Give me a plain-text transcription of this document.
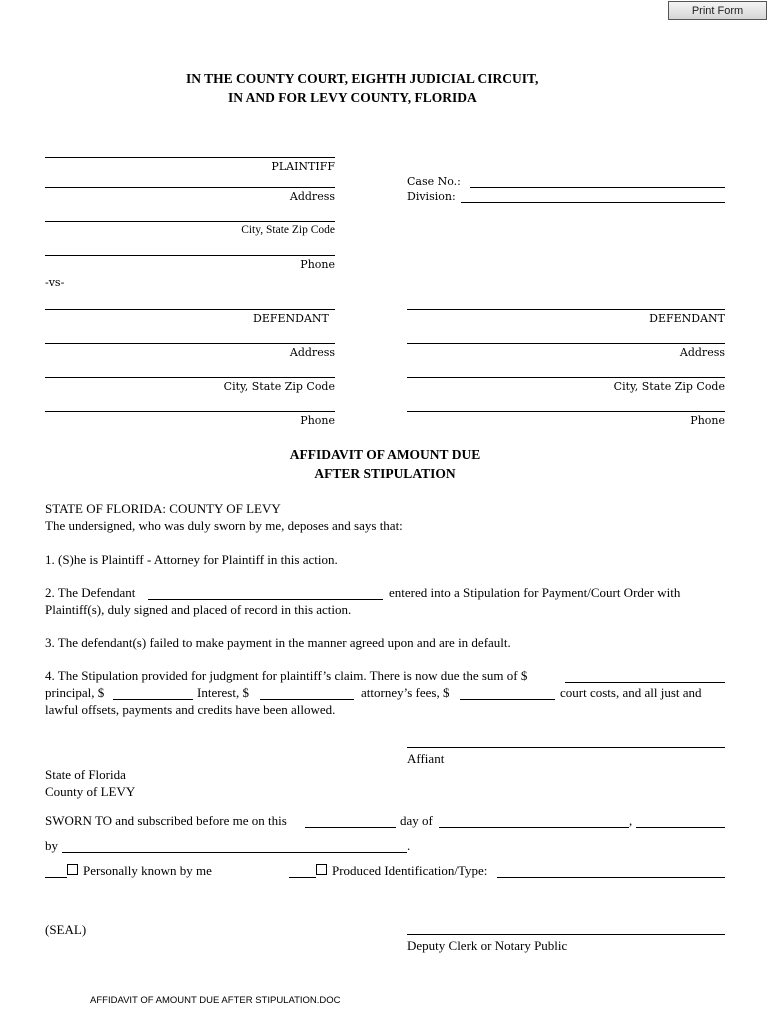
Print Form
IN THE COUNTY COURT, EIGHTH JUDICIAL CIRCUIT,
IN AND FOR LEVY COUNTY, FLORIDA
PLAINTIFF
Address
City, State Zip Code
Phone
Case No.:
Division:
-vs-
DEFENDANT
Address
City, State Zip Code
Phone
DEFENDANT
Address
City, State Zip Code
Phone
AFFIDAVIT OF AMOUNT DUE
AFTER STIPULATION
STATE OF FLORIDA: COUNTY OF LEVY
The undersigned, who was duly sworn by me, deposes and says that:
1. (S)he is Plaintiff - Attorney for Plaintiff in this action.
2. The Defendant	entered into a Stipulation for Payment/Court Order with
Plaintiff(s), duly signed and placed of record in this action.
3. The defendant(s) failed to make payment in the manner agreed upon and are in default.
4. The Stipulation provided for judgment for plaintiff’s claim. There is now due the sum of $
principal, $	Interest, $	attorney’s fees, $	court costs, and all just and
lawful offsets, payments and credits have been allowed.
Affiant
State of Florida
County of LEVY
SWORN TO and subscribed before me on this	day of	,
by	.
Personally known by me	Produced Identification/Type:
(SEAL)
Deputy Clerk or Notary Public
AFFIDAVIT OF AMOUNT DUE AFTER STIPULATION.DOC
